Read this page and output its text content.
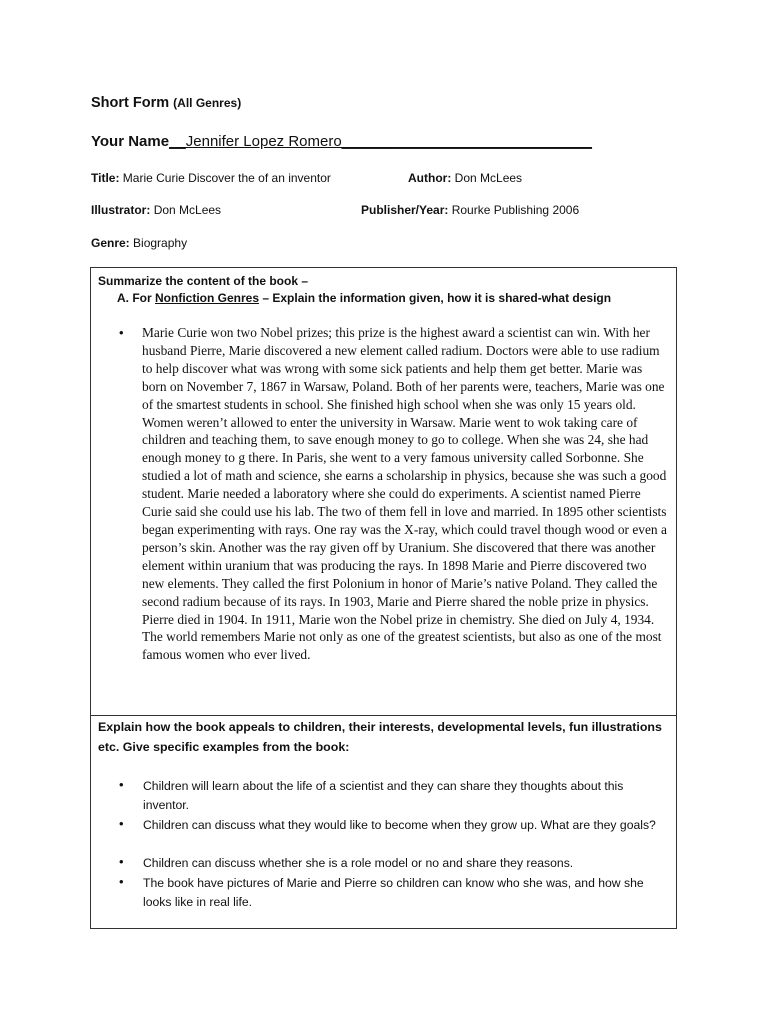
Short Form (All Genres)
Your Name__Jennifer Lopez Romero______________________________
Title: Marie Curie Discover the of an inventor	Author: Don McLees
Illustrator: Don McLees	Publisher/Year: Rourke Publishing 2006
Genre: Biography
Summarize the content of the book –
A. For Nonfiction Genres – Explain the information given, how it is shared-what design
• Marie Curie won two Nobel prizes; this prize is the highest award a scientist can win. With her husband Pierre, Marie discovered a new element called radium. Doctors were able to use radium to help discover what was wrong with some sick patients and help them get better. Marie was born on November 7, 1867 in Warsaw, Poland. Both of her parents were, teachers, Marie was one of the smartest students in school. She finished high school when she was only 15 years old. Women weren’t allowed to enter the university in Warsaw. Marie went to wok taking care of children and teaching them, to save enough money to go to college. When she was 24, she had enough money to g there. In Paris, she went to a very famous university called Sorbonne. She studied a lot of math and science, she earns a scholarship in physics, because she was such a good student. Marie needed a laboratory where she could do experiments. A scientist named Pierre Curie said she could use his lab. The two of them fell in love and married. In 1895 other scientists began experimenting with rays. One ray was the X-ray, which could travel though wood or even a person’s skin. Another was the ray given off by Uranium. She discovered that there was another element within uranium that was producing the rays. In 1898 Marie and Pierre discovered two new elements. They called the first Polonium in honor of Marie’s native Poland. They called the second radium because of its rays. In 1903, Marie and Pierre shared the noble prize in physics. Pierre died in 1904. In 1911, Marie won the Nobel prize in chemistry. She died on July 4, 1934. The world remembers Marie not only as one of the greatest scientists, but also as one of the most famous women who ever lived.
Explain how the book appeals to children, their interests, developmental levels, fun illustrations etc. Give specific examples from the book:
• Children will learn about the life of a scientist and they can share they thoughts about this inventor.
• Children can discuss what they would like to become when they grow up. What are they goals?
• Children can discuss whether she is a role model or no and share they reasons.
• The book have pictures of Marie and Pierre so children can know who she was, and how she looks like in real life.
